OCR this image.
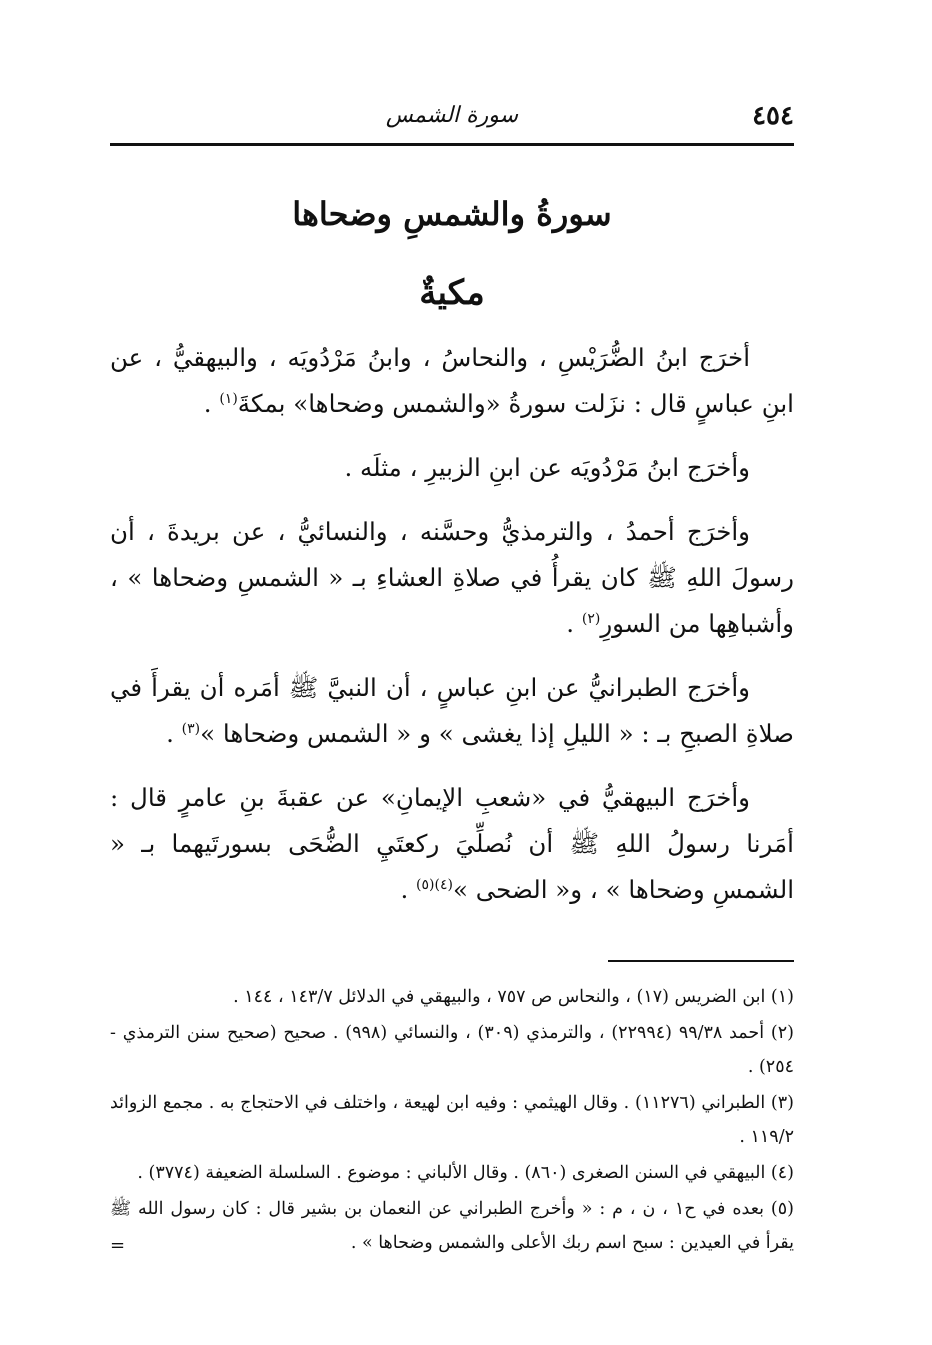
٤٥٤
سورة الشمس
سورةُ والشمسِ وضحاها
مكيةٌ

أخرَج ابنُ الضُّرَيْسِ ، والنحاسُ ، وابنُ مَرْدُويَه ، والبيهقيُّ ، عن ابنِ عباسٍ قال : نزَلت سورةُ «والشمس وضحاها» بمكةَ$^{(١)}$ .

وأخرَج ابنُ مَرْدُويَه عن ابنِ الزبيرِ ، مثلَه .

وأخرَج أحمدُ ، والترمذيُّ وحسَّنه ، والنسائيُّ ، عن بريدةَ ، أن رسولَ اللهِ ﷺ كان يقرأُ في صلاةِ العشاءِ بـ « الشمسِ وضحاها » ، وأشباهِها من السورِ$^{(٢)}$ .

وأخرَج الطبرانيُّ عن ابنِ عباسٍ ، أن النبيَّ ﷺ أمَره أن يقرأَ في صلاةِ الصبحِ بـ : « الليلِ إذا يغشى » و « الشمس وضحاها »$^{(٣)}$ .

وأخرَج البيهقيُّ في «شعبِ الإيمانِ» عن عقبةَ بنِ عامرٍ قال : أمَرنا رسولُ اللهِ ﷺ أن نُصلِّيَ ركعتَيِ الضُّحَى بسورتَيهما بـ « الشمسِ وضحاها » ، و« الضحى »$^{(٤)(٥)}$ .

(١) ابن الضريس (١٧) ، والنحاس ص ٧٥٧ ، والبيهقي في الدلائل ١٤٣/٧ ، ١٤٤ .

(٢) أحمد ٩٩/٣٨ (٢٢٩٩٤) ، والترمذي (٣٠٩) ، والنسائي (٩٩٨) . صحيح (صحيح سنن الترمذي - ٢٥٤) .

(٣) الطبراني (١١٢٧٦) . وقال الهيثمي : وفيه ابن لهيعة ، واختلف في الاحتجاج به . مجمع الزوائد ١١٩/٢ .

(٤) البيهقي في السنن الصغرى (٨٦٠) . وقال الألباني : موضوع . السلسلة الضعيفة (٣٧٧٤) .

(٥) بعده في ح١ ، ن ، م : « وأخرج الطبراني عن النعمان بن بشير قال : كان رسول الله ﷺ يقرأ في العيدين : سبح اسم ربك الأعلى والشمس وضحاها » .

=
